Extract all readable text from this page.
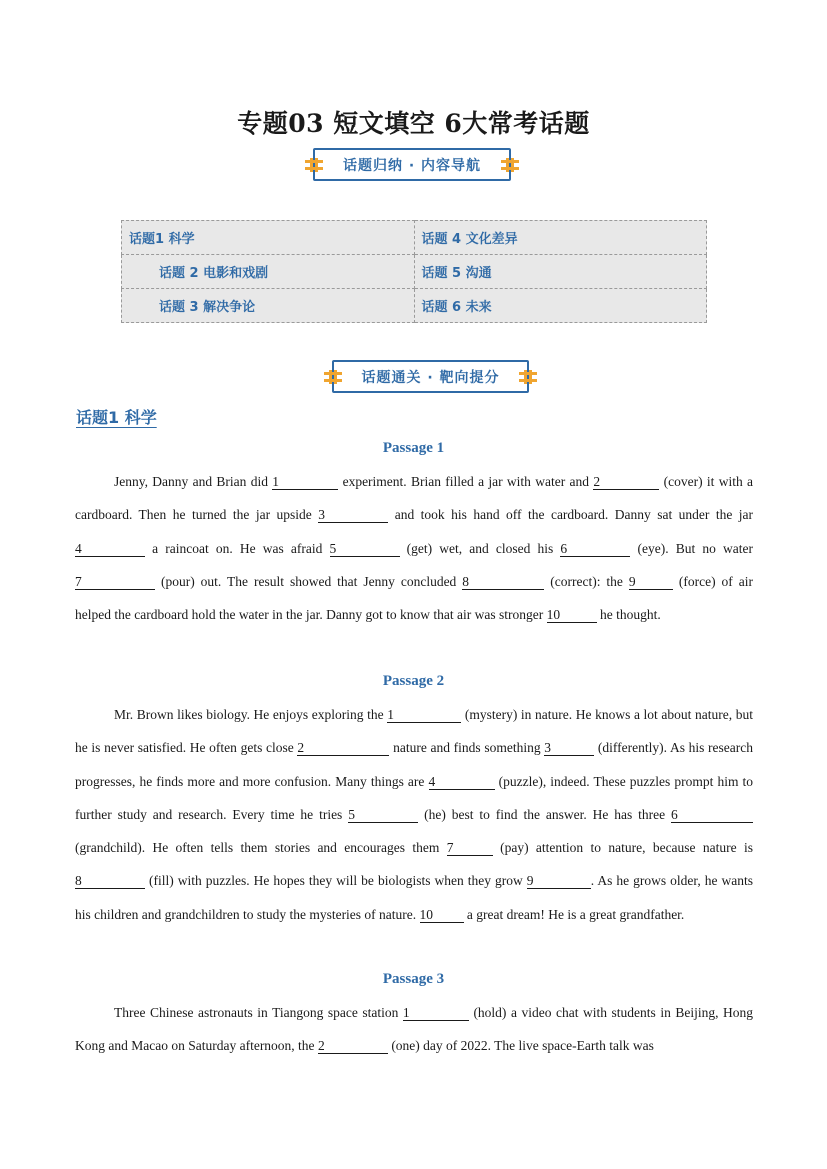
专题03 短文填空 6大常考话题
话题归纳 · 内容导航
话题1 科学	话题 4 文化差异
话题 2 电影和戏剧	话题 5 沟通
话题 3 解决争论	话题 6 未来
话题通关 · 靶向提分
话题1 科学
Passage 1
Jenny, Danny and Brian did 1	experiment. Brian filled a jar with water and 2	(cover) it with a cardboard. Then he turned the jar upside 3	and took his hand off the cardboard. Danny sat under the jar 4	a raincoat on. He was afraid 5	(get) wet, and closed his 6	(eye). But no water 7	(pour) out. The result showed that Jenny concluded 8	(correct): the 9	(force) of air helped the cardboard hold the water in the jar. Danny got to know that air was stronger 10	he thought.
Passage 2
Mr. Brown likes biology. He enjoys exploring the 1	(mystery) in nature. He knows a lot about nature, but he is never satisfied. He often gets close 2	nature and finds something 3	(differently). As his research progresses, he finds more and more confusion. Many things are 4	(puzzle), indeed. These puzzles prompt him to further study and research. Every time he tries 5	(he) best to find the answer. He has three 6 (grandchild). He often tells them stories and encourages them 7	(pay) attention to nature, because nature is 8	(fill) with puzzles. He hopes they will be biologists when they grow 9	. As he grows older, he wants his children and grandchildren to study the mysteries of nature. 10	a great dream! He is a great grandfather.
Passage 3
Three Chinese astronauts in Tiangong space station 1	(hold) a video chat with students in Beijing, Hong Kong and Macao on Saturday afternoon, the 2	(one) day of 2022. The live space-Earth talk was
